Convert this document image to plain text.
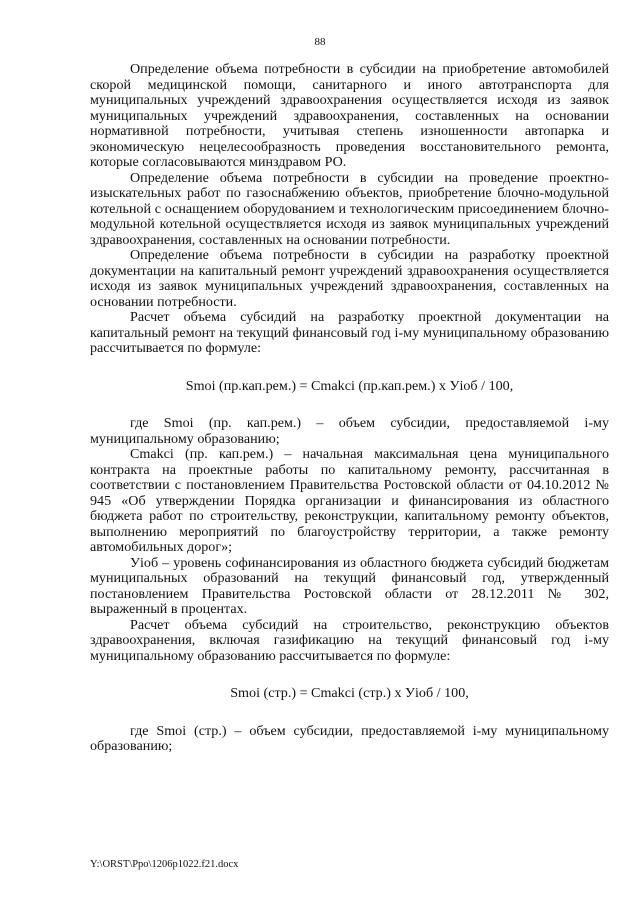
88

Определение объема потребности в субсидии на приобретение автомобилей скорой медицинской помощи, санитарного и иного автотранспорта для муниципальных учреждений здравоохранения осуществляется исходя из заявок муниципальных учреждений здравоохранения, составленных на основании нормативной потребности, учитывая степень изношенности автопарка и экономическую нецелесообразность проведения восстановительного ремонта, которые согласовываются минздравом РО.

Определение объема потребности в субсидии на проведение проектно-изыскательных работ по газоснабжению объектов, приобретение блочно-модульной котельной с оснащением оборудованием и технологическим присоединением блочно-модульной котельной осуществляется исходя из заявок муниципальных учреждений здравоохранения, составленных на основании потребности.

Определение объема потребности в субсидии на разработку проектной документации на капитальный ремонт учреждений здравоохранения осуществляется исходя из заявок муниципальных учреждений здравоохранения, составленных на основании потребности.

Расчет объема субсидий на разработку проектной документации на капитальный ремонт на текущий финансовый год i-му муниципальному образованию рассчитывается по формуле:

Smoi (пр.кап.рем.) = Cmakci (пр.кап.рем.) x Уioб / 100,

где Smoi (пр. кап.рем.) – объем субсидии, предоставляемой i-му муниципальному образованию;

Cmakci (пр. кап.рем.) – начальная максимальная цена муниципального контракта на проектные работы по капитальному ремонту, рассчитанная в соответствии с постановлением Правительства Ростовской области от 04.10.2012 № 945 «Об утверждении Порядка организации и финансирования из областного бюджета работ по строительству, реконструкции, капитальному ремонту объектов, выполнению мероприятий по благоустройству территории, а также ремонту автомобильных дорог»;

Уioб – уровень софинансирования из областного бюджета субсидий бюджетам муниципальных образований на текущий финансовый год, утвержденный постановлением Правительства Ростовской области от 28.12.2011 № 302, выраженный в процентах.

Расчет объема субсидий на строительство, реконструкцию объектов здравоохранения, включая газификацию на текущий финансовый год i-му муниципальному образованию рассчитывается по формуле:

Smoi (стр.) = Cmakci (стр.) x Уioб / 100,

где Smoi (стр.) – объем субсидии, предоставляемой i-му муниципальному образованию;

Y:\ORST\Ppo\1206p1022.f21.docx
